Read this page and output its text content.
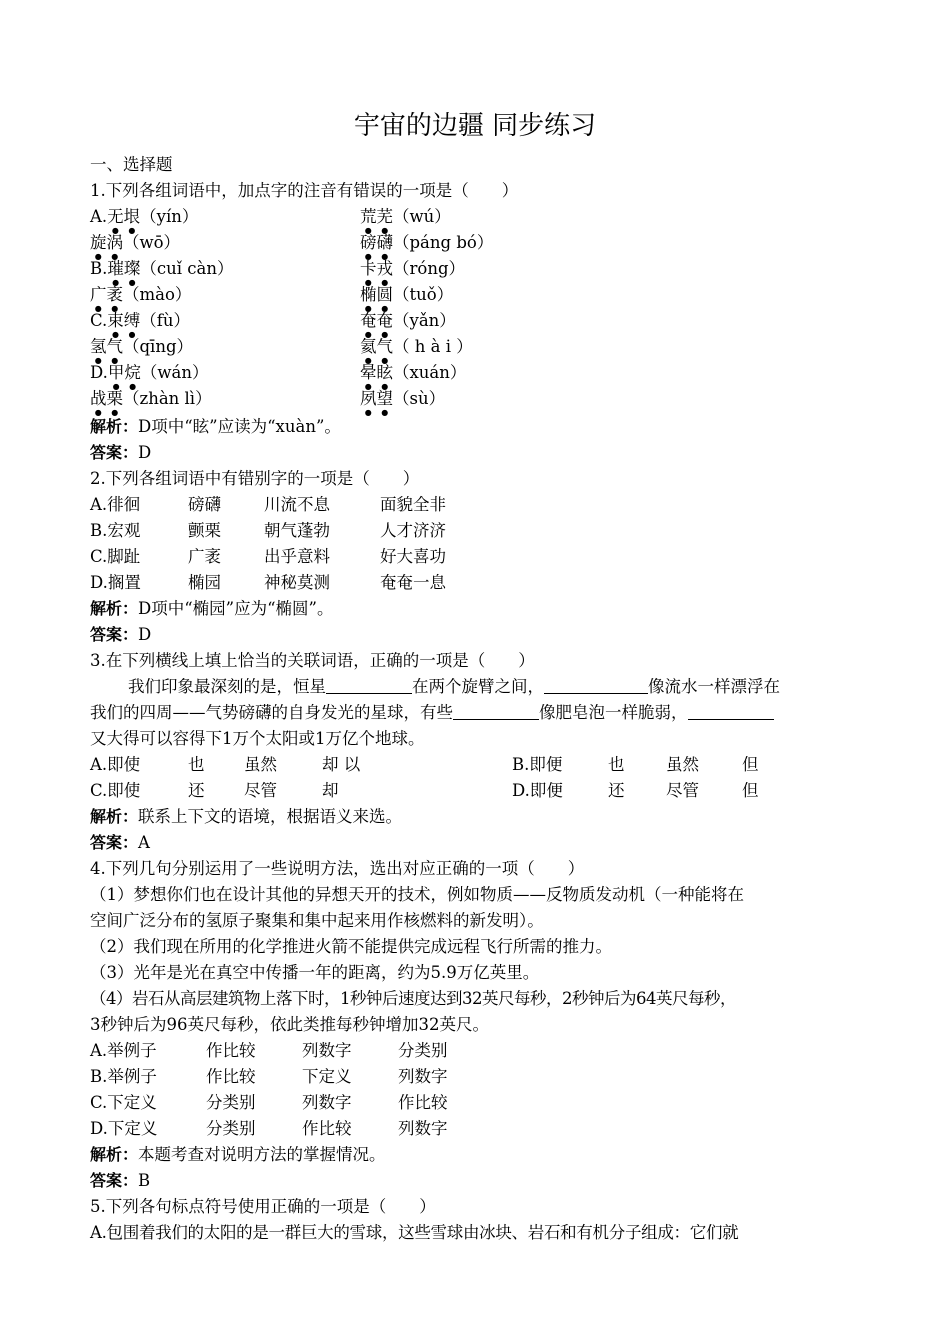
宇宙的边疆 同步练习
一、选择题
1.下列各组词语中，加点字的注音有错误的一项是（　　）
A.无垠（yín）	荒芜（wú）
旋涡（wō）	磅礴（páng bó）
B.璀璨（cuǐ càn）	卡戎（róng）
广袤（mào）	椭圆（tuǒ）
C.束缚（fù）	奄奄（yǎn）
氢气（qīng）	氦气（ h à i ）
D.甲烷（wán）	晕眩（xuán）
战栗（zhàn lì）	夙望（sù）
解析：D项中“眩”应读为“xuàn”。
答案：D
2.下列各组词语中有错别字的一项是（　　）
A.徘徊	磅礴	川流不息	面貌全非
B.宏观	颤栗	朝气蓬勃	人才济济
C.脚趾	广袤	出乎意料	好大喜功
D.搁置	椭园	神秘莫测	奄奄一息
解析：D项中“椭园”应为“椭圆”。
答案：D
3.在下列横线上填上恰当的关联词语，正确的一项是（　　）
我们印象最深刻的是，恒星	在两个旋臂之间，	像流水一样漂浮在
我们的四周——气势磅礴的自身发光的星球，有些	像肥皂泡一样脆弱，
又大得可以容得下1万个太阳或1万亿个地球。
A.即使	也 虽然	却 以	B.即便	也	虽然	但
C.即使	还 尽管	却	D.即便	还	尽管	但
解析：联系上下文的语境，根据语义来选。
答案：A
4.下列几句分别运用了一些说明方法，选出对应正确的一项（　　）
（1）梦想你们也在设计其他的异想天开的技术，例如物质——反物质发动机（一种能将在
空间广泛分布的氢原子聚集和集中起来用作核燃料的新发明）。
（2）我们现在所用的化学推进火箭不能提供完成远程飞行所需的推力。
（3）光年是光在真空中传播一年的距离，约为5.9万亿英里。
（4）岩石从高层建筑物上落下时，1秒钟后速度达到32英尺每秒，2秒钟后为64英尺每秒，
3秒钟后为96英尺每秒，依此类推每秒钟增加32英尺。
A.举例子	作比较	列数字	分类别
B.举例子	作比较	下定义	列数字
C.下定义	分类别	列数字	作比较
D.下定义	分类别	作比较	列数字
解析：本题考查对说明方法的掌握情况。
答案：B
5.下列各句标点符号使用正确的一项是（　　）
A.包围着我们的太阳的是一群巨大的雪球，这些雪球由冰块、岩石和有机分子组成：它们就
